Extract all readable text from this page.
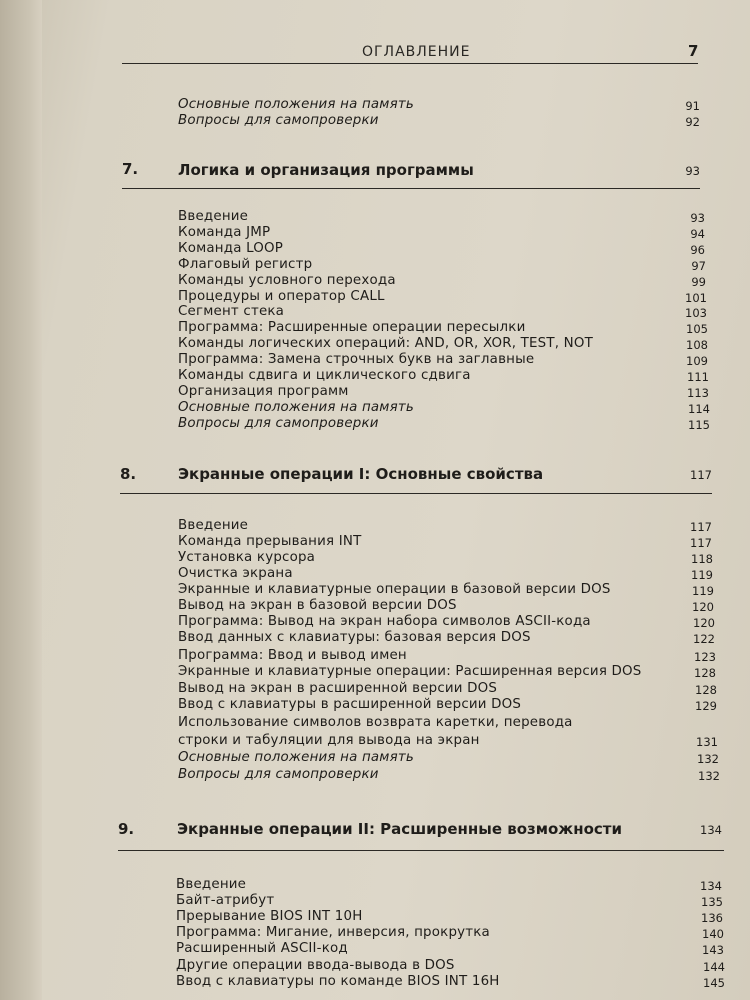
ОГЛАВЛЕНИЕ	7
Основные положения на память	91
Вопросы для самопроверки	92
7.	Логика и организация программы	93
Введение	93
Команда JMP	94
Команда LOOP	96
Флаговый регистр	97
Команды условного перехода	99
Процедуры и оператор CALL	101
Сегмент стека	103
Программа: Расширенные операции пересылки	105
Команды логических операций: AND, OR, XOR, TEST, NOT	108
Программа: Замена строчных букв на заглавные	109
Команды сдвига и циклического сдвига	111
Организация программ	113
Основные положения на память	114
Вопросы для самопроверки	115
8.	Экранные операции I: Основные свойства	117
Введение	117
Команда прерывания INT	117
Установка курсора	118
Очистка экрана	119
Экранные и клавиатурные операции в базовой версии DOS	119
Вывод на экран в базовой версии DOS	120
Программа: Вывод на экран набора символов ASCII-кода	120
Ввод данных с клавиатуры: базовая версия DOS	122
Программа: Ввод и вывод имен	123
Экранные и клавиатурные операции: Расширенная версия DOS	128
Вывод на экран в расширенной версии DOS	128
Ввод с клавиатуры в расширенной версии DOS	129
Использование символов возврата каретки, перевода
строки и табуляции для вывода на экран	131
Основные положения на память	132
Вопросы для самопроверки	132
9.	Экранные операции II: Расширенные возможности	134
Введение	134
Байт-атрибут	135
Прерывание BIOS INT 10H	136
Программа: Мигание, инверсия, прокрутка	140
Расширенный ASCII-код	143
Другие операции ввода-вывода в DOS	144
Ввод с клавиатуры по команде BIOS INT 16H	145
